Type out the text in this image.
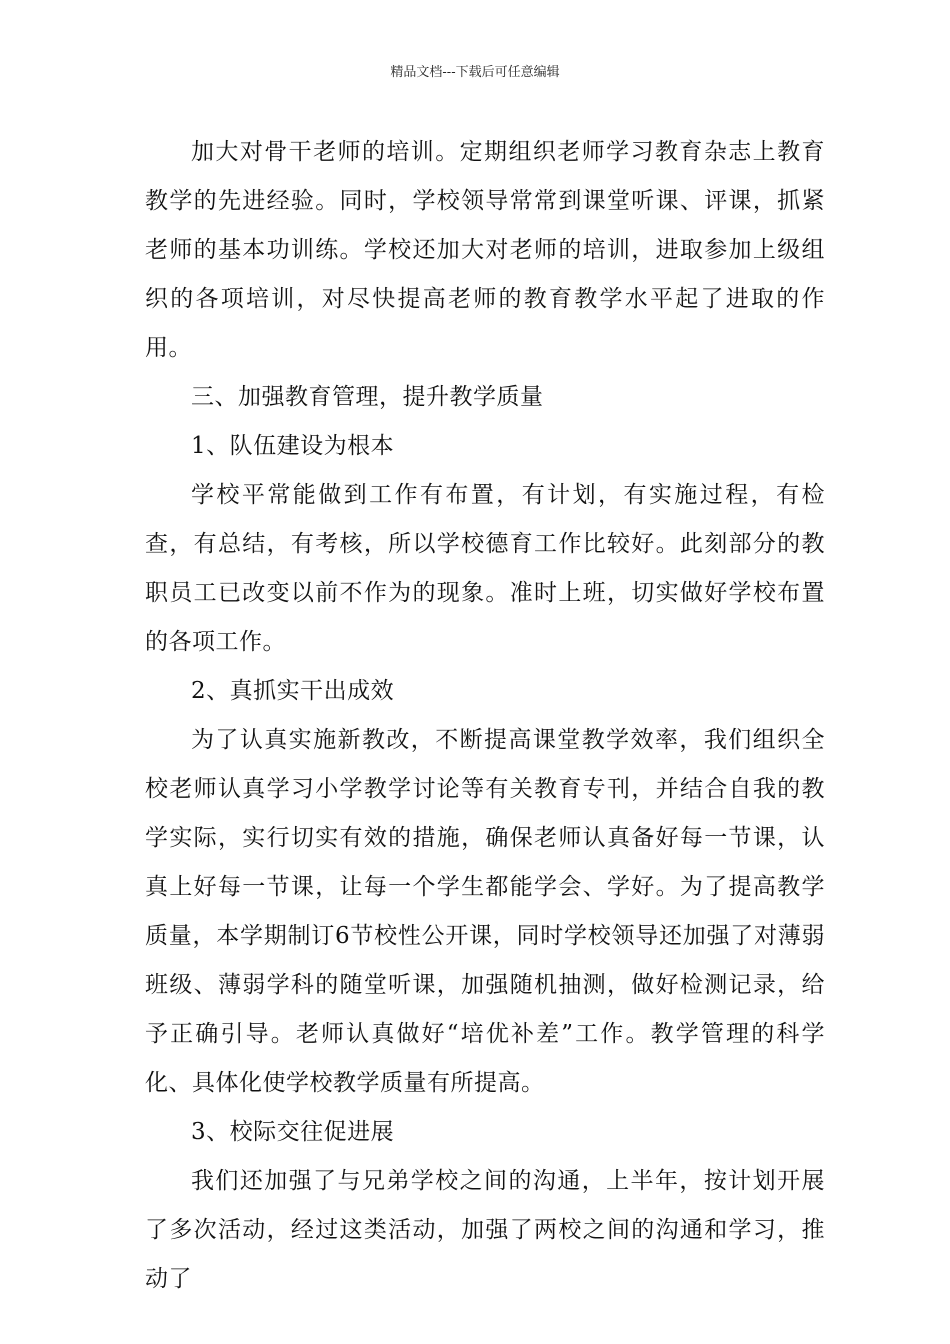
精品文档---下载后可任意编辑

加大对骨干老师的培训。定期组织老师学习教育杂志上教育教学的先进经验。同时，学校领导常常到课堂听课、评课，抓紧老师的基本功训练。学校还加大对老师的培训，进取参加上级组织的各项培训，对尽快提高老师的教育教学水平起了进取的作用。

三、加强教育管理，提升教学质量

1、队伍建设为根本

学校平常能做到工作有布置，有计划，有实施过程，有检查，有总结，有考核，所以学校德育工作比较好。此刻部分的教职员工已改变以前不作为的现象。准时上班，切实做好学校布置的各项工作。

2、真抓实干出成效

为了认真实施新教改，不断提高课堂教学效率，我们组织全校老师认真学习小学教学讨论等有关教育专刊，并结合自我的教学实际，实行切实有效的措施，确保老师认真备好每一节课，认真上好每一节课，让每一个学生都能学会、学好。为了提高教学质量，本学期制订6节校性公开课，同时学校领导还加强了对薄弱班级、薄弱学科的随堂听课，加强随机抽测，做好检测记录，给予正确引导。老师认真做好“培优补差”工作。教学管理的科学化、具体化使学校教学质量有所提高。

3、校际交往促进展

我们还加强了与兄弟学校之间的沟通，上半年，按计划开展了多次活动，经过这类活动，加强了两校之间的沟通和学习，推动了
